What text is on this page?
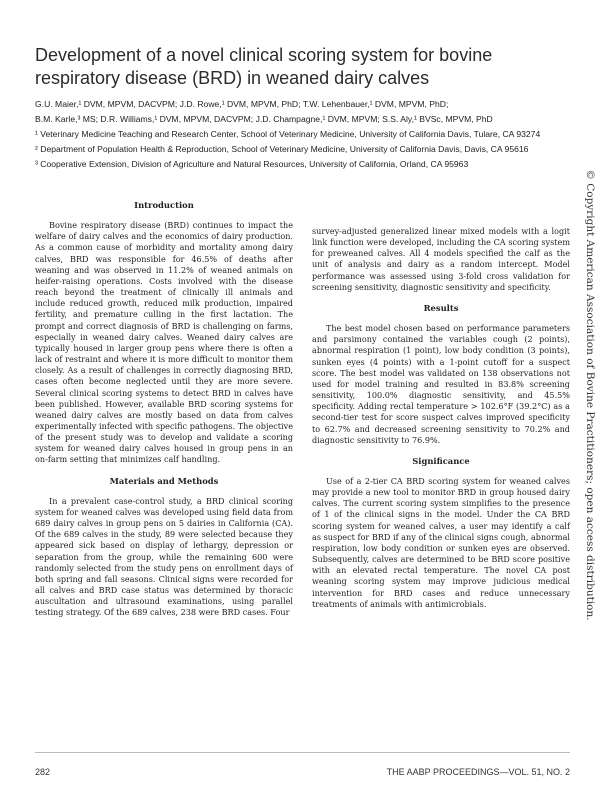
Development of a novel clinical scoring system for bovine respiratory disease (BRD) in weaned dairy calves

G.U. Maier,¹ DVM, MPVM, DACVPM; J.D. Rowe,¹ DVM, MPVM, PhD; T.W. Lehenbauer,¹ DVM, MPVM, PhD;

B.M. Karle,³ MS; D.R. Williams,¹ DVM, MPVM, DACVPM; J.D. Champagne,¹ DVM, MPVM; S.S. Aly,¹ BVSc, MPVM, PhD

¹ Veterinary Medicine Teaching and Research Center, School of Veterinary Medicine, University of California Davis, Tulare, CA 93274

² Department of Population Health & Reproduction, School of Veterinary Medicine, University of California Davis, Davis, CA 95616

³ Cooperative Extension, Division of Agriculture and Natural Resources, University of California, Orland, CA 95963

Introduction

Bovine respiratory disease (BRD) continues to impact the welfare of dairy calves and the economics of dairy production. As a common cause of morbidity and mortality among dairy calves, BRD was responsible for 46.5% of deaths after weaning and was observed in 11.2% of weaned animals on heifer-raising operations. Costs involved with the disease reach beyond the treatment of clinically ill animals and include reduced growth, reduced milk production, impaired fertility, and premature culling in the first lactation. The prompt and correct diagnosis of BRD is challenging on farms, especially in weaned dairy calves. Weaned dairy calves are typically housed in larger group pens where there is often a lack of restraint and where it is more difficult to monitor them closely. As a result of challenges in correctly diagnosing BRD, cases often become neglected until they are more severe. Several clinical scoring systems to detect BRD in calves have been published. However, available BRD scoring systems for weaned dairy calves are mostly based on data from calves experimentally infected with specific pathogens. The objective of the present study was to develop and validate a scoring system for weaned dairy calves housed in group pens in an on-farm setting that minimizes calf handling.

Materials and Methods

In a prevalent case-control study, a BRD clinical scoring system for weaned calves was developed using field data from 689 dairy calves in group pens on 5 dairies in California (CA). Of the 689 calves in the study, 89 were selected because they appeared sick based on display of lethargy, depression or separation from the group, while the remaining 600 were randomly selected from the study pens on enrollment days of both spring and fall seasons. Clinical signs were recorded for all calves and BRD case status was determined by thoracic auscultation and ultrasound examinations, using parallel testing strategy. Of the 689 calves, 238 were BRD cases. Four

survey-adjusted generalized linear mixed models with a logit link function were developed, including the CA scoring system for preweaned calves. All 4 models specified the calf as the unit of analysis and dairy as a random intercept. Model performance was assessed using 3-fold cross validation for screening sensitivity, diagnostic sensitivity and specificity.

Results

The best model chosen based on performance parameters and parsimony contained the variables cough (2 points), abnormal respiration (1 point), low body condition (3 points), sunken eyes (4 points) with a 1-point cutoff for a suspect score. The best model was validated on 138 observations not used for model training and resulted in 83.8% screening sensitivity, 100.0% diagnostic sensitivity, and 45.5% specificity. Adding rectal temperature > 102.6°F (39.2°C) as a second-tier test for score suspect calves improved specificity to 62.7% and decreased screening sensitivity to 70.2% and diagnostic sensitivity to 76.9%.

Significance

Use of a 2-tier CA BRD scoring system for weaned calves may provide a new tool to monitor BRD in group housed dairy calves. The current scoring system simplifies to the presence of 1 of the clinical signs in the model. Under the CA BRD scoring system for weaned calves, a user may identify a calf as suspect for BRD if any of the clinical signs cough, abnormal respiration, low body condition or sunken eyes are observed. Subsequently, calves are determined to be BRD score positive with an elevated rectal temperature. The novel CA post weaning scoring system may improve judicious medical intervention for BRD cases and reduce unnecessary treatments of animals with antimicrobials.	© Copyright American Association of Bovine Practitioners; open access distribution.
282	THE AABP PROCEEDINGS—VOL. 51, NO. 2
